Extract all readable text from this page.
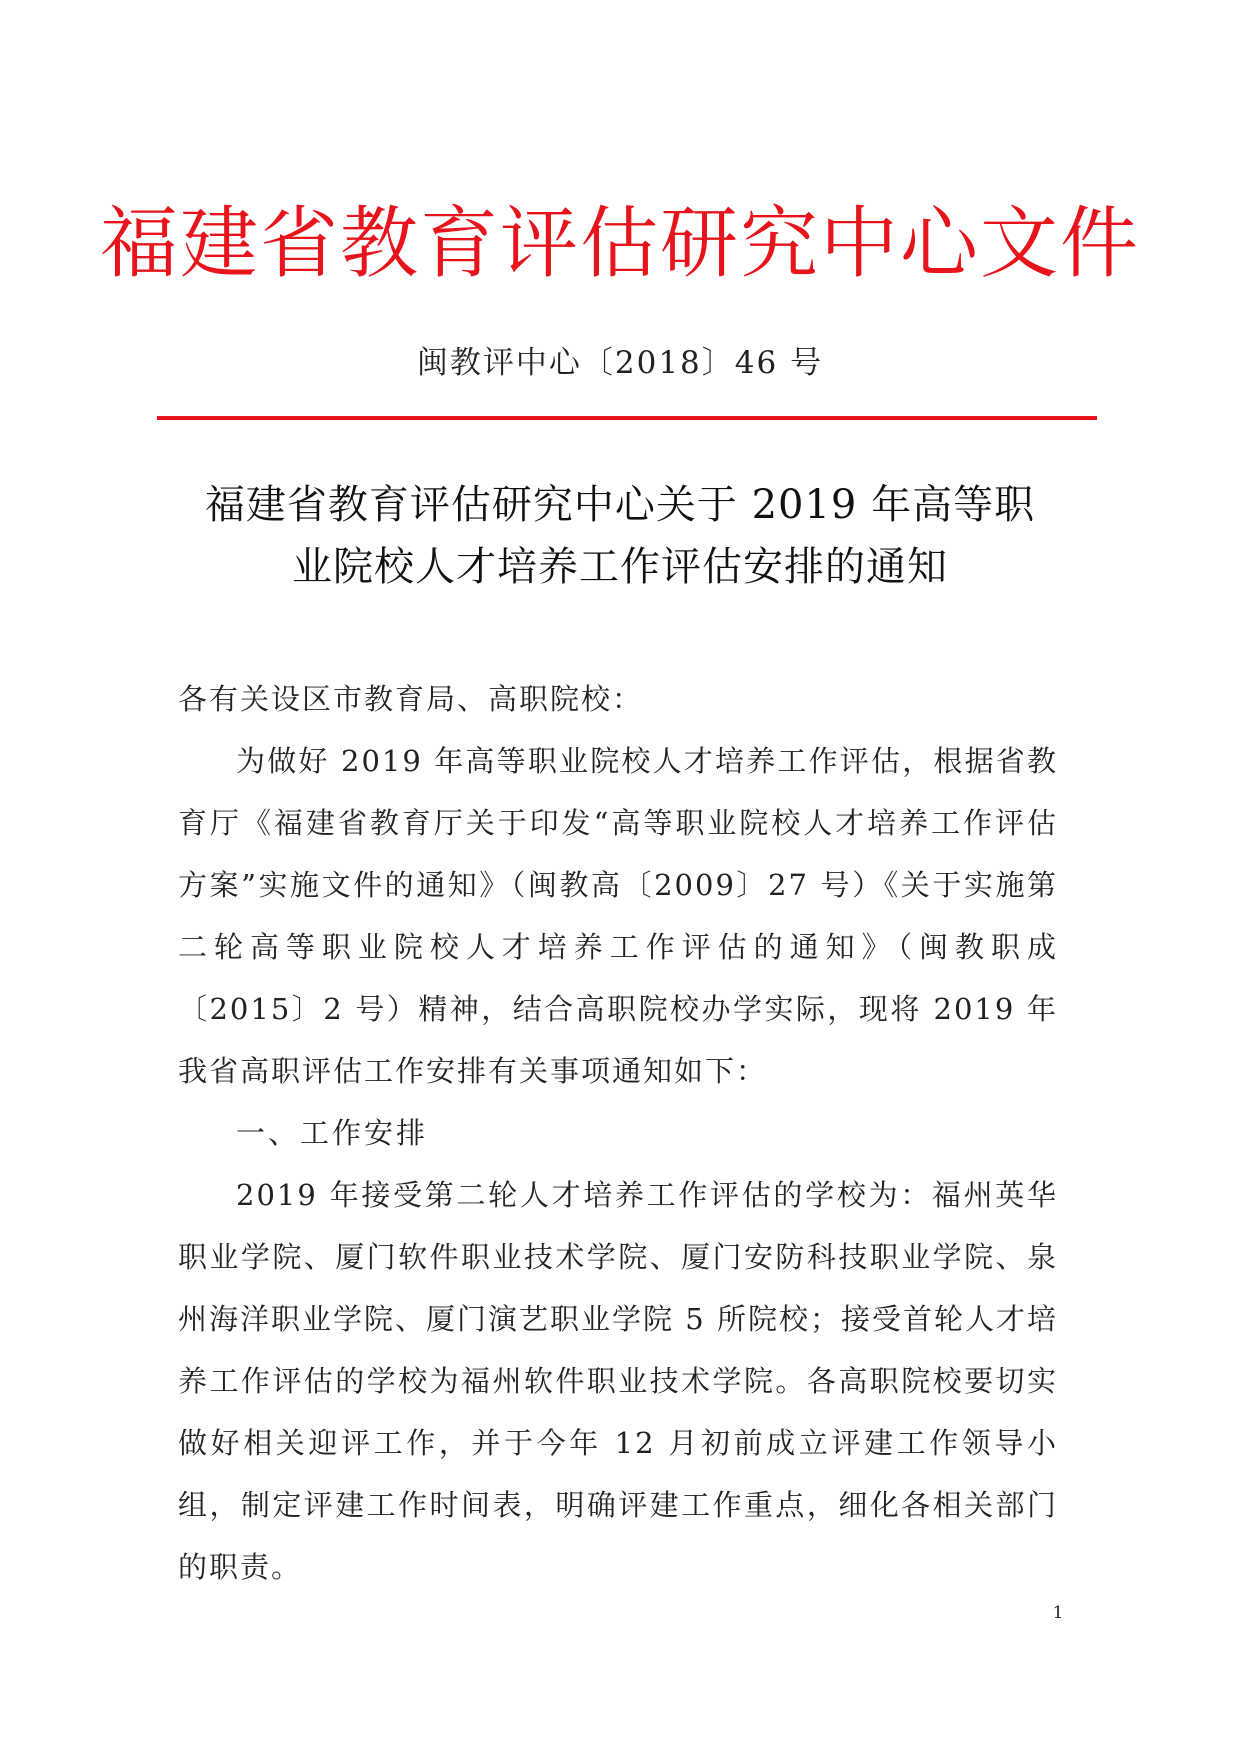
福建省教育评估研究中心文件
闽教评中心〔2018〕46 号
福建省教育评估研究中心关于 2019 年高等职
业院校人才培养工作评估安排的通知

各有关设区市教育局、高职院校：

为做好 2019 年高等职业院校人才培养工作评估，根据省教育厅《福建省教育厅关于印发“高等职业院校人才培养工作评估方案”实施文件的通知》（闽教高〔2009〕27 号）《关于实施第二轮高等职业院校人才培养工作评估的通知》（闽教职成〔2015〕2 号）精神，结合高职院校办学实际，现将 2019 年我省高职评估工作安排有关事项通知如下：

一、工作安排

2019 年接受第二轮人才培养工作评估的学校为：福州英华职业学院、厦门软件职业技术学院、厦门安防科技职业学院、泉州海洋职业学院、厦门演艺职业学院 5 所院校；接受首轮人才培养工作评估的学校为福州软件职业技术学院。各高职院校要切实做好相关迎评工作，并于今年 12 月初前成立评建工作领导小组，制定评建工作时间表，明确评建工作重点，细化各相关部门的职责。

1
